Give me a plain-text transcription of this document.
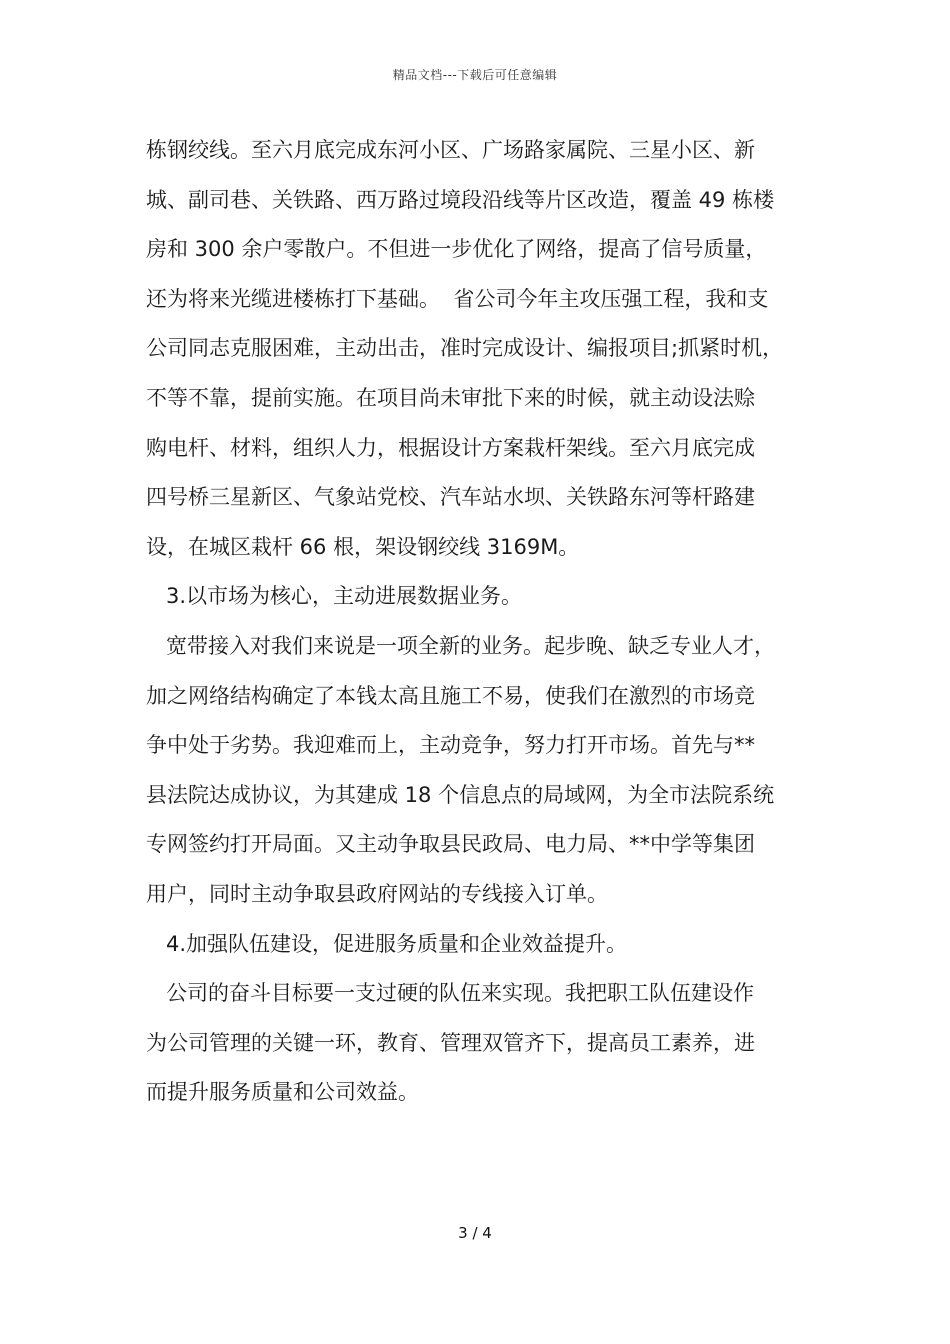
精品文档---下载后可任意编辑
栋钢绞线。至六月底完成东河小区、广场路家属院、三星小区、新
城、副司巷、关铁路、西万路过境段沿线等片区改造，覆盖 49 栋楼
房和 300 余户零散户。不但进一步优化了网络，提高了信号质量，
还为将来光缆进楼栋打下基础。  省公司今年主攻压强工程，我和支
公司同志克服困难，主动出击，准时完成设计、编报项目;抓紧时机，
不等不靠，提前实施。在项目尚未审批下来的时候，就主动设法赊
购电杆、材料，组织人力，根据设计方案栽杆架线。至六月底完成
四号桥三星新区、气象站党校、汽车站水坝、关铁路东河等杆路建
设，在城区栽杆 66 根，架设钢绞线 3169M。
3.以市场为核心，主动进展数据业务。
宽带接入对我们来说是一项全新的业务。起步晚、缺乏专业人才，
加之网络结构确定了本钱太高且施工不易，使我们在激烈的市场竞
争中处于劣势。我迎难而上，主动竞争，努力打开市场。首先与**
县法院达成协议，为其建成 18 个信息点的局域网，为全市法院系统
专网签约打开局面。又主动争取县民政局、电力局、**中学等集团
用户，同时主动争取县政府网站的专线接入订单。
4.加强队伍建设，促进服务质量和企业效益提升。
公司的奋斗目标要一支过硬的队伍来实现。我把职工队伍建设作
为公司管理的关键一环，教育、管理双管齐下，提高员工素养，进
而提升服务质量和公司效益。
3 / 4
